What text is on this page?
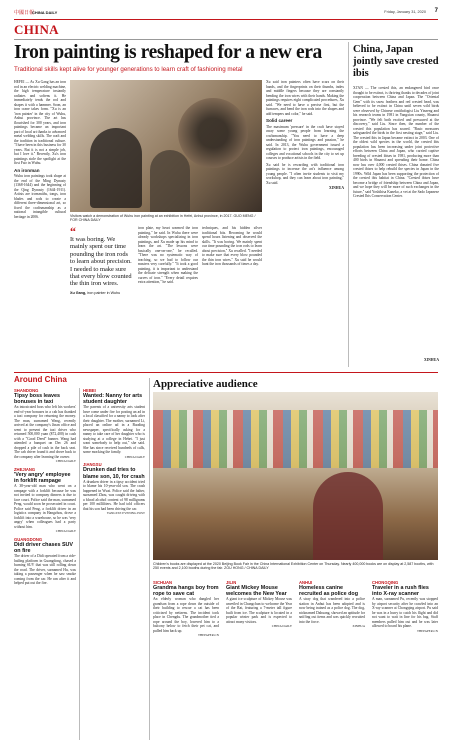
中國日報
CHINA DAILY	Friday, January 31, 2020 7
CHINA
Iron painting is reshaped for a new era
Traditional skills kept alive for younger generations to learn craft of fashioning metal
HEFEI — As Xu Gang has an iron rod in an electric welding machine, the high temperature instantly radiates and softens it. He immediately tends the rod and shapes it with a hammer. Soon, an iron crane takes form. "Xu is an 'iron painter' in the city of Wuhu, Anhui province. The art has flourished for 300 years, and iron paintings became an important part of local art thanks to advanced metal welding skills. The craft and the tradition in traditional culture. "I have been in this business for 30 years. But it is not a simple job, but I love it." Recently, Xu's iron paintings stole the spotlight at the first Fair in Wuhu.
An ironman
Wuhu iron paintings took shape at the end of the Ming Dynasty (1368-1644) and the beginning of the Qing Dynasty (1644-1911). Artists are ironsmiths, tongs, iron blades and rods to create a different three-dimensional art, so fixed the craftsmanship as a national intangible cultural heritage in 2006.	Visitors watch a demonstration of Wuhu iron painting at an exhibition in Hefei, Anhui province, in 2017. GUO MENG / FOR CHINA DAILY
Xu said iron painters often have scars on their hands, and the fingerprints on their thumbs, index and middle fingers because they are constantly bending the iron wires with their hands. Making the paintings requires eight complicated procedures, Xu said. "We need to have a precise first, but the furnaces, and bend the iron rods into the shapes and add tempers and color," he said.
Solid career
The maximum 'pressure' in the craft have stayed away some young people from learning the craftsmanship. "You need to have a deep understanding of iron paintings and passion," he said. In 2013, the Wuhu government issued a regulation to protect iron paintings, encouraged colleges and vocational schools in the city to set up courses to produce artists in the field.
Xu said he is rewarding with traditional iron paintings to increase the art's influence among young people. "I often invite students to visit my workshop, and they can learn about iron painting," Xu said.
XINHUA
“
It was boring. We mainly spent our time pounding the iron rods to learn about precision. I needed to make sure that every blow counted the thin iron wires.
Xu Gang, iron painter in Wuhu
iron plate, my heart warmed the iron painting," he said. In Wuhu there were already workshops specializing in iron paintings, and Xu made up his mind to learn the art. "The lessons were basically one-on-one," he recalled. "There was no systematic way of teaching, so we had to follow our masters very carefully." "It took a good painting, it is important to understand the delicate strength when making the curves of iron." "Every detail requires extra attention," he said.
techniques, and his hidden silver traditional bits. Becoming he would spend hours listening and observed the skills. "It was boring. We mainly spent our time pounding the iron rods to learn about precision," Xu recalled. "I needed to make sure that every blow pounded the thin iron wires." Xu said he would hunt the iron thousands of times a day.
China, Japan jointly save crested ibis
XI'AN — The crested ibis, an endangered bird once thought to be extinct, is thriving thanks to decades of joint cooperation between China and Japan. The "Oriental Gem" with its snow feathers and red crested head, was believed to be extinct in China until seven wild birds were observed by Chinese ornithologist Liu Yinzeng and his research teams in 1981 in Yangxian county, Shaanxi province. "We felt both excited and pressured at the discovery," said Liu. Since then, the number of the crested ibis population has soared. "Basic measures safeguarded the birds in the first nesting stage," said Liu. The crested ibis in Japan became extinct in 2003. One of the oldest wild species in the world, the crested ibis population has been increasing under joint protective efforts between China and Japan, who carried captive breeding of crested ibises in 1981, producing more than 400 birds in Shaanxi and spreading their home. China now has over 4,000 crested ibises. China donated five crested ibises to help rebuild the species in Japan in the 1990s. Wild Japan has been supporting the protection of the crested ibis habitat in China. "Crested ibises have become a bridge of friendship between China and Japan, and we hope they will be more of such exchanges in the future," said Yoshihisa Kaneko, a vet at the Sado Japanese Crested Ibis Conservation Center.
XINHUA
Around China
SHANDONG
Tipsy boss leaves bonuses in taxi
An intoxicated boss who left his workers' end-of-year bonuses in a cab has thanked a taxi company for returning the money. The man, surnamed Wang, recently arrived at the company's Jinan office and went to present the taxi driver who returned 500,000 yuan ($72,400) in cash with a "Good Deed" banner. Wang had attended a banquet on Dec 26 and dropped a pile of cash in the back seat. The cab driver found it and drove back to the company after learning the owner.
CHINA DAILY
ZHEJIANG
'Very angry' employee in forklift rampage
A 38-year-old man who went on a rampage with a forklift because he was not invited to company dinners is due to face court. Police said the man, surnamed Peng, would soon be prosecuted in court. Police said Peng, a forklift driver in an logistics company in Hangzhou, drove a forklift into a warehouse, so he was 'very angry' when colleagues had a party without him.
CHINA DAILY
GUANGDONG
Didi driver chases SUV on fire
The driver of a Didi operated from a ride-hailing platform in Guangdong, chased a burning SUV that was still rolling down the road. The driver, surnamed Hu, was taking a passenger when he saw smoke coming from the car. He ran after it and helped put out the fire.
HEBEI
Wanted: Nanny for arts student daughter
The parents of a university arts student have come under fire for posting an ad in a local classified for a nanny to look after their daughter. The mother, surnamed Li, placed an online ad in a Baoding newspaper, specifically asking for a nanny to take care of her daughter who is studying at a college in Hebei. "I just want somebody to help out," she said. She has since received hundreds of calls, some mocking the family.
CHINA DAILY
JIANGSU
Drunken dad tries to blame son, 10, for crash
A drunken driver in a tipsy accident tried to blame his 10-year-old son. The crash happened in Wuxi. Police said the father, surnamed Zhou, was caught driving with a blood alcohol content of 98 milligrams per 100 milliliters. He had told officers that his son had been driving the car.
YANGTZE EVENING POST
Appreciative audience
Children's books are displayed at the 2020 Beijing Book Fair in the China International Exhibition Center on Thursday. Nearly 400,000 books are on display at 2,587 booths, with 250 events and 2,100 booths during the fair. ZOU HONG / CHINA DAILY
SICHUAN
Grandma hangs boy from rope to save cat
An elderly woman who dangled her grandson from a rope down the outside of their building to rescue a cat has been criticized by netizens. The incident took place in Chengdu. The grandmother tied a rope around the boy, lowered him to a balcony below to fetch their pet cat, and pulled him back up.
THEPAPER.CN
JILIN
Giant Mickey Mouse welcomes the New Year
A giant ice sculpture of Mickey Mouse was unveiled in Changchun to welcome the Year of the Rat, featuring a 7-meter tall figure built from ice. The sculpture is located in a popular winter park and is expected to attract many visitors.
CHINA DAILY
ANHUI
Homeless canine recruited as police dog
A stray dog that wandered into a police station in Anhui has been adopted and is now being trained as a police dog. The dog, nicknamed Dahuang, showed an aptitude for sniffing out items and was quickly recruited into the force.
XINHUA
CHONGQING
Traveler in a rush flies into X-ray scanner
A man, surnamed Pu, recently was stopped by airport security after he crawled into an X-ray scanner at Chongqing airport. Pu said he was in a hurry to catch his flight and did not want to wait in line for his bag. Staff members pulled him out and he was later allowed to board his plane.
THEPAPER.CN
